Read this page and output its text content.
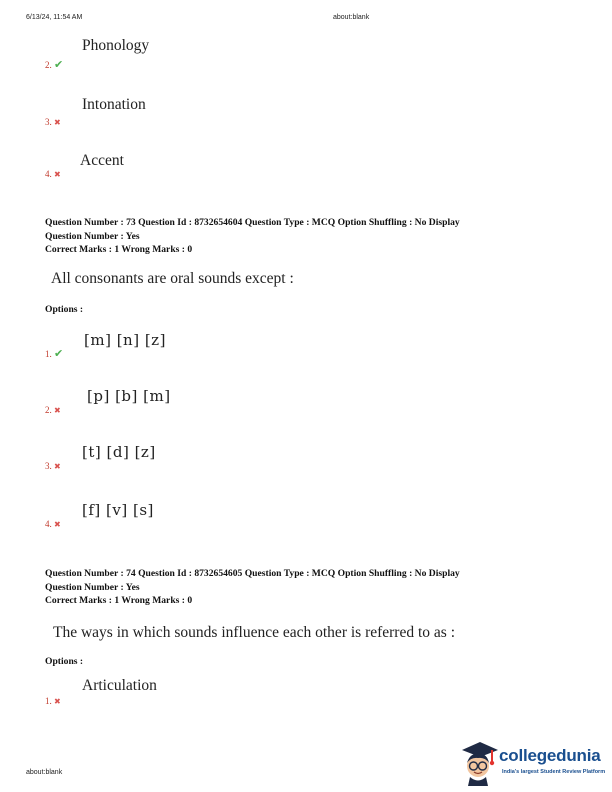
6/13/24, 11:54 AM	about:blank
Phonology
2. ✔
Intonation
3. ✖
Accent
4. ✖
Question Number : 73 Question Id : 8732654604 Question Type : MCQ Option Shuffling : No Display
Question Number : Yes
Correct Marks : 1 Wrong Marks : 0
All consonants are oral sounds except :
Options :
[m] [n] [z]
1. ✔
[p] [b] [m]
2. ✖
[t] [d] [z]
3. ✖
[f] [v] [s]
4. ✖
Question Number : 74 Question Id : 8732654605 Question Type : MCQ Option Shuffling : No Display
Question Number : Yes
Correct Marks : 1 Wrong Marks : 0
The ways in which sounds influence each other is referred to as :
Options :
Articulation
1. ✖
about:blank
collegedunia
India's largest Student Review Platform
